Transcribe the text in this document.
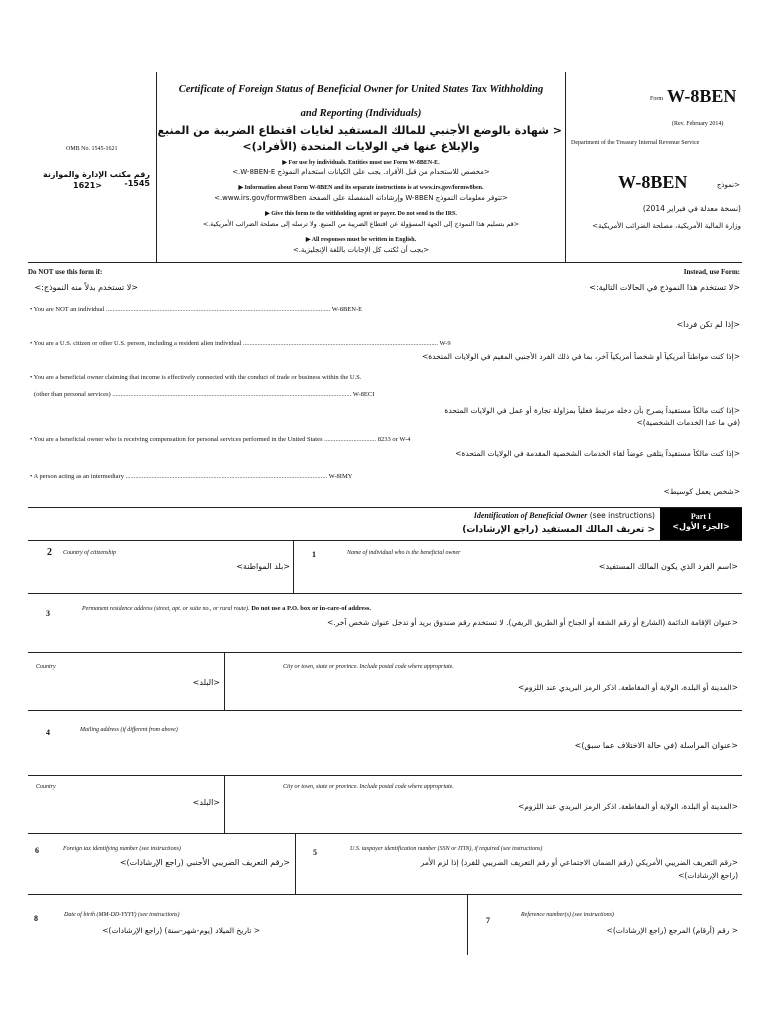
OMB No. 1545-1621
رقم مكتب الإدارة والموازنة 1545-
1621>
Certificate of Foreign Status of Beneficial Owner for United States Tax Withholding
and Reporting (Individuals)
< شهادة بالوضع الأجنبي للمالك المستفيد لغايات اقتطاع الضريبة من المنبع
والإبلاغ عنها في الولايات المتحدة (الأفراد)>
▶ For use by individuals. Entities must use Form W-8BEN-E.
<مخصص للاستخدام من قبل الأفراد. يجب على الكيانات استخدام النموذج W-8BEN-E.>
▶ Information about Form W-8BEN and its separate instructions is at www.irs.gov/formw8ben.
<تتوفر معلومات النموذج W-8BEN وإرشاداته المنفصلة على الصفحة www.irs.gov/formw8ben.>
▶ Give this form to the withholding agent or payer. Do not send to the IRS.
<قم بتسليم هذا النموذج إلى الجهة المسؤولة عن اقتطاع الضريبة من المنبع. ولا ترسله إلى مصلحة الضرائب الأمريكية.>
▶ All responses must be written in English.
<يجب أن تُكتب كل الإجابات باللغة الإنجليزية.>
Form W-8BEN
(Rev. February 2014)
Department of the Treasury Internal Revenue Service
W-8BEN	<نموذج
(نسخة معدلة في فبراير 2014)
وزارة المالية الأمريكية، مصلحة الضرائب الأمريكية>
Do NOT use this form if:
<لا تستخدم بدلاً منه النموذج:>
Instead, use Form:
<لا تستخدم هذا النموذج في الحالات التالية:>
• You are NOT an individual .......................................................................................................................................... W-8BEN-E
<إذا لم تكن فرداً>
• You are a U.S. citizen or other U.S. person, including a resident alien individual ........................................................................................................................ W-9
<إذا كنت مواطناً أمريكياً أو شخصاً أمريكياً آخر، بما في ذلك الفرد الأجنبي المقيم في الولايات المتحدة>
• You are a beneficial owner claiming that income is effectively connected with the conduct of trade or business within the U.S.
(other than personal services) ................................................................................................................................................... W-8ECI
<إذا كنت مالكاً مستفيداً يصرح بأن دخله مرتبط فعلياً بمزاولة تجارة أو عمل في الولايات المتحدة
(في ما عدا الخدمات الشخصية)>
• You are a beneficial owner who is receiving compensation for personal services performed in the United States ................................ 8233 or W-4
<إذا كنت مالكاً مستفيداً يتلقى عوضاً لقاء الخدمات الشخصية المقدمة في الولايات المتحدة>
• A person acting as an intermediary ............................................................................................................................ W-8IMY
<شخص يعمل كوسيط>
Identification of Beneficial Owner (see instructions)
< تعريف المالك المستفيد (راجع الإرشادات)
Part I
<الجزء الأول>
2 Country of citizenship
<بلد المواطنة>
1	Name of individual who is the beneficial owner
<اسم الفرد الذي يكون المالك المستفيد>
3	Permanent residence address (street, apt. or suite no., or rural route). Do not use a P.O. box or in-care-of address.
<عنوان الإقامة الدائمة (الشارع أو رقم الشقة أو الجناح أو الطريق الريفي). لا تستخدم رقم صندوق بريد أو تدخل عنوان شخص آخر.>
Country
<البلد>
City or town, state or province. Include postal code where appropriate.
<المدينة أو البلدة، الولاية أو المقاطعة. اذكر الرمز البريدي عند اللزوم>
4	Mailing address (if different from above)
<عنوان المراسلة (في حالة الاختلاف عما سبق)>
Country
<البلد>
City or town, state or province. Include postal code where appropriate.
<المدينة أو البلدة، الولاية أو المقاطعة. اذكر الرمز البريدي عند اللزوم>
6	Foreign tax identifying number (see instructions)
<رقم التعريف الضريبي الأجنبي (راجع الإرشادات)>
5	U.S. taxpayer identification number (SSN or ITIN), if required (see instructions)
<رقم التعريف الضريبي الأمريكي (رقم الضمان الاجتماعي أو رقم التعريف الضريبي للفرد) إذا لزم الأمر
(راجع الإرشادات)>
8	Date of birth (MM-DD-YYYY) (see instructions)
< تاريخ الميلاد (يوم-شهر-سنة) (راجع الإرشادات)>
7
Reference number(s) (see instructions)
< رقم (أرقام) المرجع (راجع الإرشادات)>
